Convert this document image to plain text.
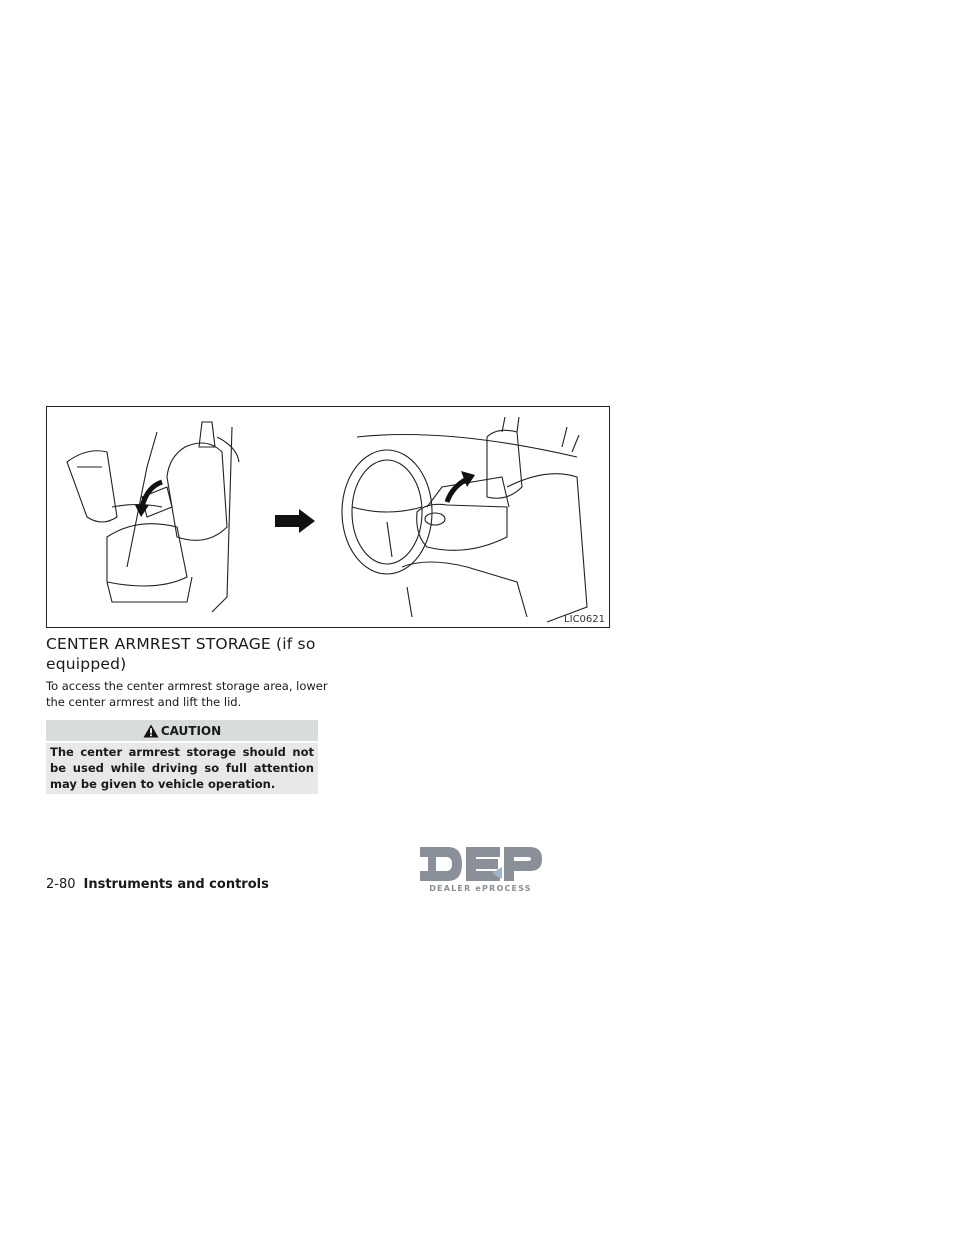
LIC0621
CENTER ARMREST STORAGE (if so equipped)

To access the center armrest storage area, lower the center armrest and lift the lid.

CAUTION
The center armrest storage should not be used while driving so full attention may be given to vehicle operation.
2-80 Instruments and controls	DEALER ePROCESS
